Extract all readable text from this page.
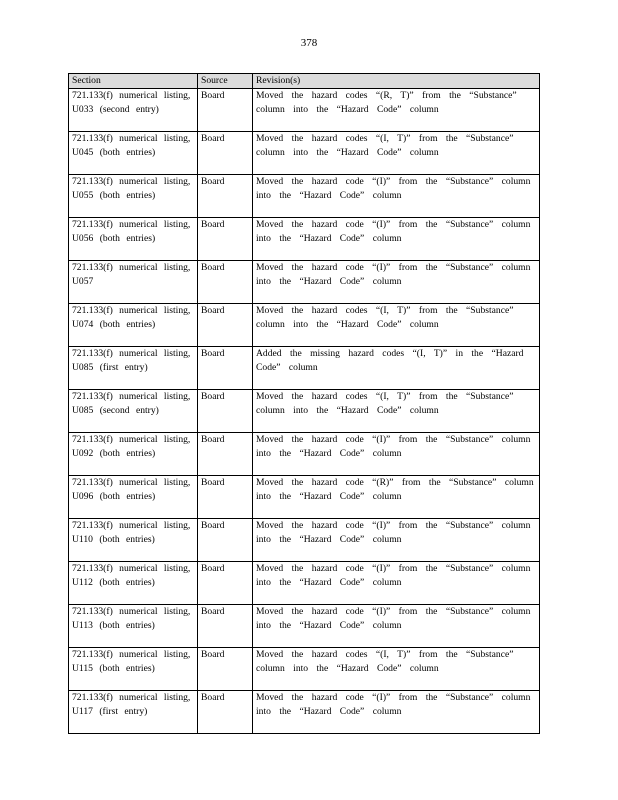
378
Section	Source	Revision(s)
721.133(f) numerical listing, U033 (second entry)	Board	Moved the hazard codes “(R, T)” from the “Substance” column into the “Hazard Code” column
721.133(f) numerical listing, U045 (both entries)	Board	Moved the hazard codes “(I, T)” from the “Substance” column into the “Hazard Code” column
721.133(f) numerical listing, U055 (both entries)	Board	Moved the hazard code “(I)” from the “Substance” column into the “Hazard Code” column
721.133(f) numerical listing, U056 (both entries)	Board	Moved the hazard code “(I)” from the “Substance” column into the “Hazard Code” column
721.133(f) numerical listing, U057	Board	Moved the hazard code “(I)” from the “Substance” column into the “Hazard Code” column
721.133(f) numerical listing, U074 (both entries)	Board	Moved the hazard codes “(I, T)” from the “Substance” column into the “Hazard Code” column
721.133(f) numerical listing, U085 (first entry)	Board	Added the missing hazard codes “(I, T)” in the “Hazard Code” column
721.133(f) numerical listing, U085 (second entry)	Board	Moved the hazard codes “(I, T)” from the “Substance” column into the “Hazard Code” column
721.133(f) numerical listing, U092 (both entries)	Board	Moved the hazard code “(I)” from the “Substance” column into the “Hazard Code” column
721.133(f) numerical listing, U096 (both entries)	Board	Moved the hazard code “(R)” from the “Substance” column into the “Hazard Code” column
721.133(f) numerical listing, U110 (both entries)	Board	Moved the hazard code “(I)” from the “Substance” column into the “Hazard Code” column
721.133(f) numerical listing, U112 (both entries)	Board	Moved the hazard code “(I)” from the “Substance” column into the “Hazard Code” column
721.133(f) numerical listing, U113 (both entries)	Board	Moved the hazard code “(I)” from the “Substance” column into the “Hazard Code” column
721.133(f) numerical listing, U115 (both entries)	Board	Moved the hazard codes “(I, T)” from the “Substance” column into the “Hazard Code” column
721.133(f) numerical listing, U117 (first entry)	Board	Moved the hazard code “(I)” from the “Substance” column into the “Hazard Code” column
